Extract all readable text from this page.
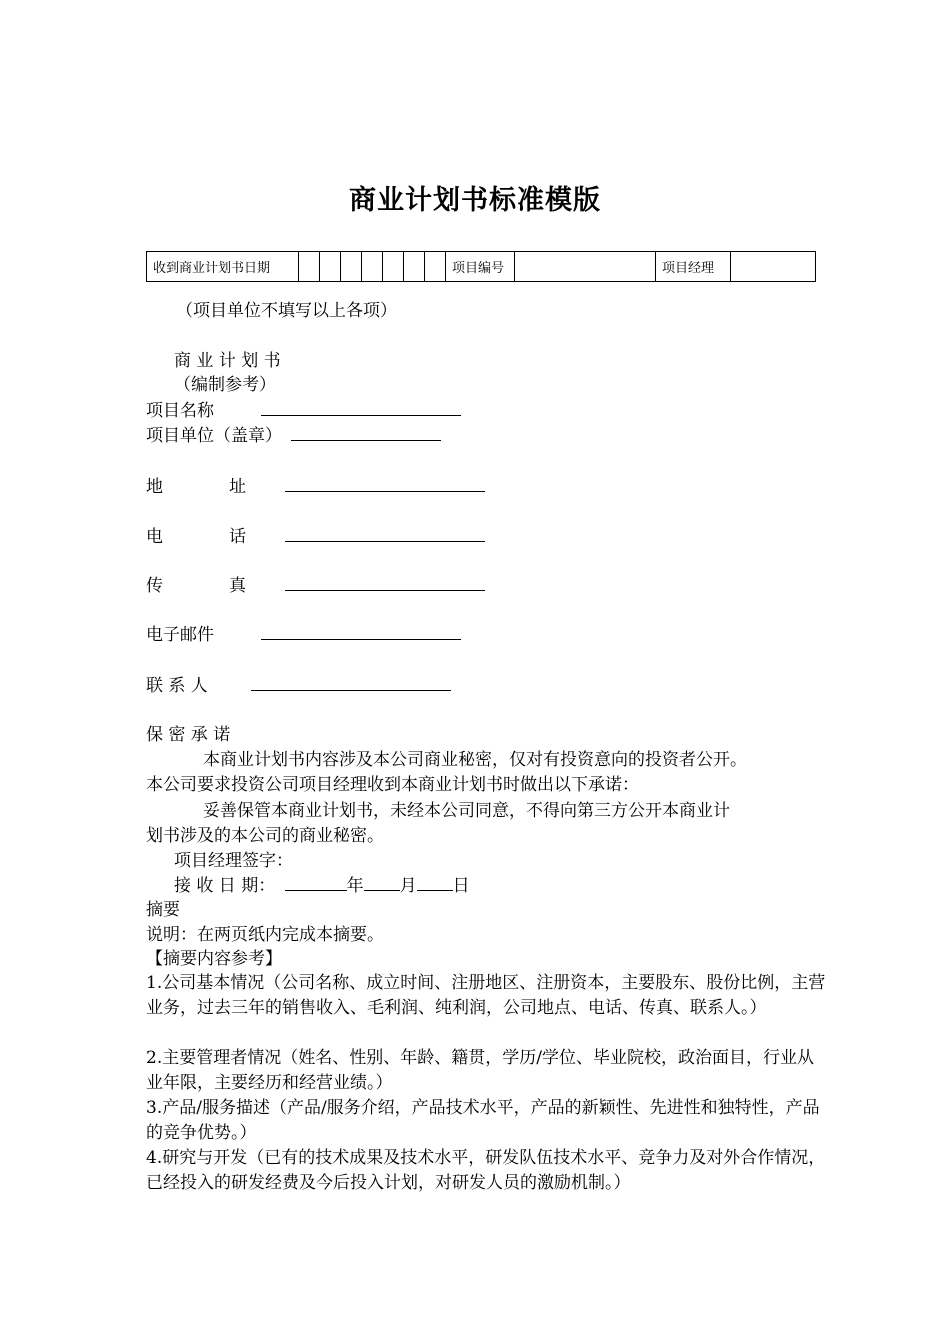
商业计划书标准模版
收到商业计划书日期								项目编号		项目经理	
（项目单位不填写以上各项）
商 业 计 划 书
（编制参考）
项目名称
项目单位（盖章）
地	址
电	话
传	真
电子邮件
联 系 人
保 密 承 诺
本商业计划书内容涉及本公司商业秘密，仅对有投资意向的投资者公开。
本公司要求投资公司项目经理收到本商业计划书时做出以下承诺：
妥善保管本商业计划书，未经本公司同意，不得向第三方公开本商业计
划书涉及的本公司的商业秘密。
项目经理签字：
接 收 日 期：	年 月 日
摘要
说明：在两页纸内完成本摘要。
【摘要内容参考】
1.公司基本情况（公司名称、成立时间、注册地区、注册资本，主要股东、股份比例，主营业务，过去三年的销售收入、毛利润、纯利润，公司地点、电话、传真、联系人。）
2.主要管理者情况（姓名、性别、年龄、籍贯，学历/学位、毕业院校，政治面目，行业从业年限，主要经历和经营业绩。）
3.产品/服务描述（产品/服务介绍，产品技术水平，产品的新颖性、先进性和独特性，产品的竞争优势。）
4.研究与开发（已有的技术成果及技术水平，研发队伍技术水平、竞争力及对外合作情况，已经投入的研发经费及今后投入计划，对研发人员的激励机制。）
